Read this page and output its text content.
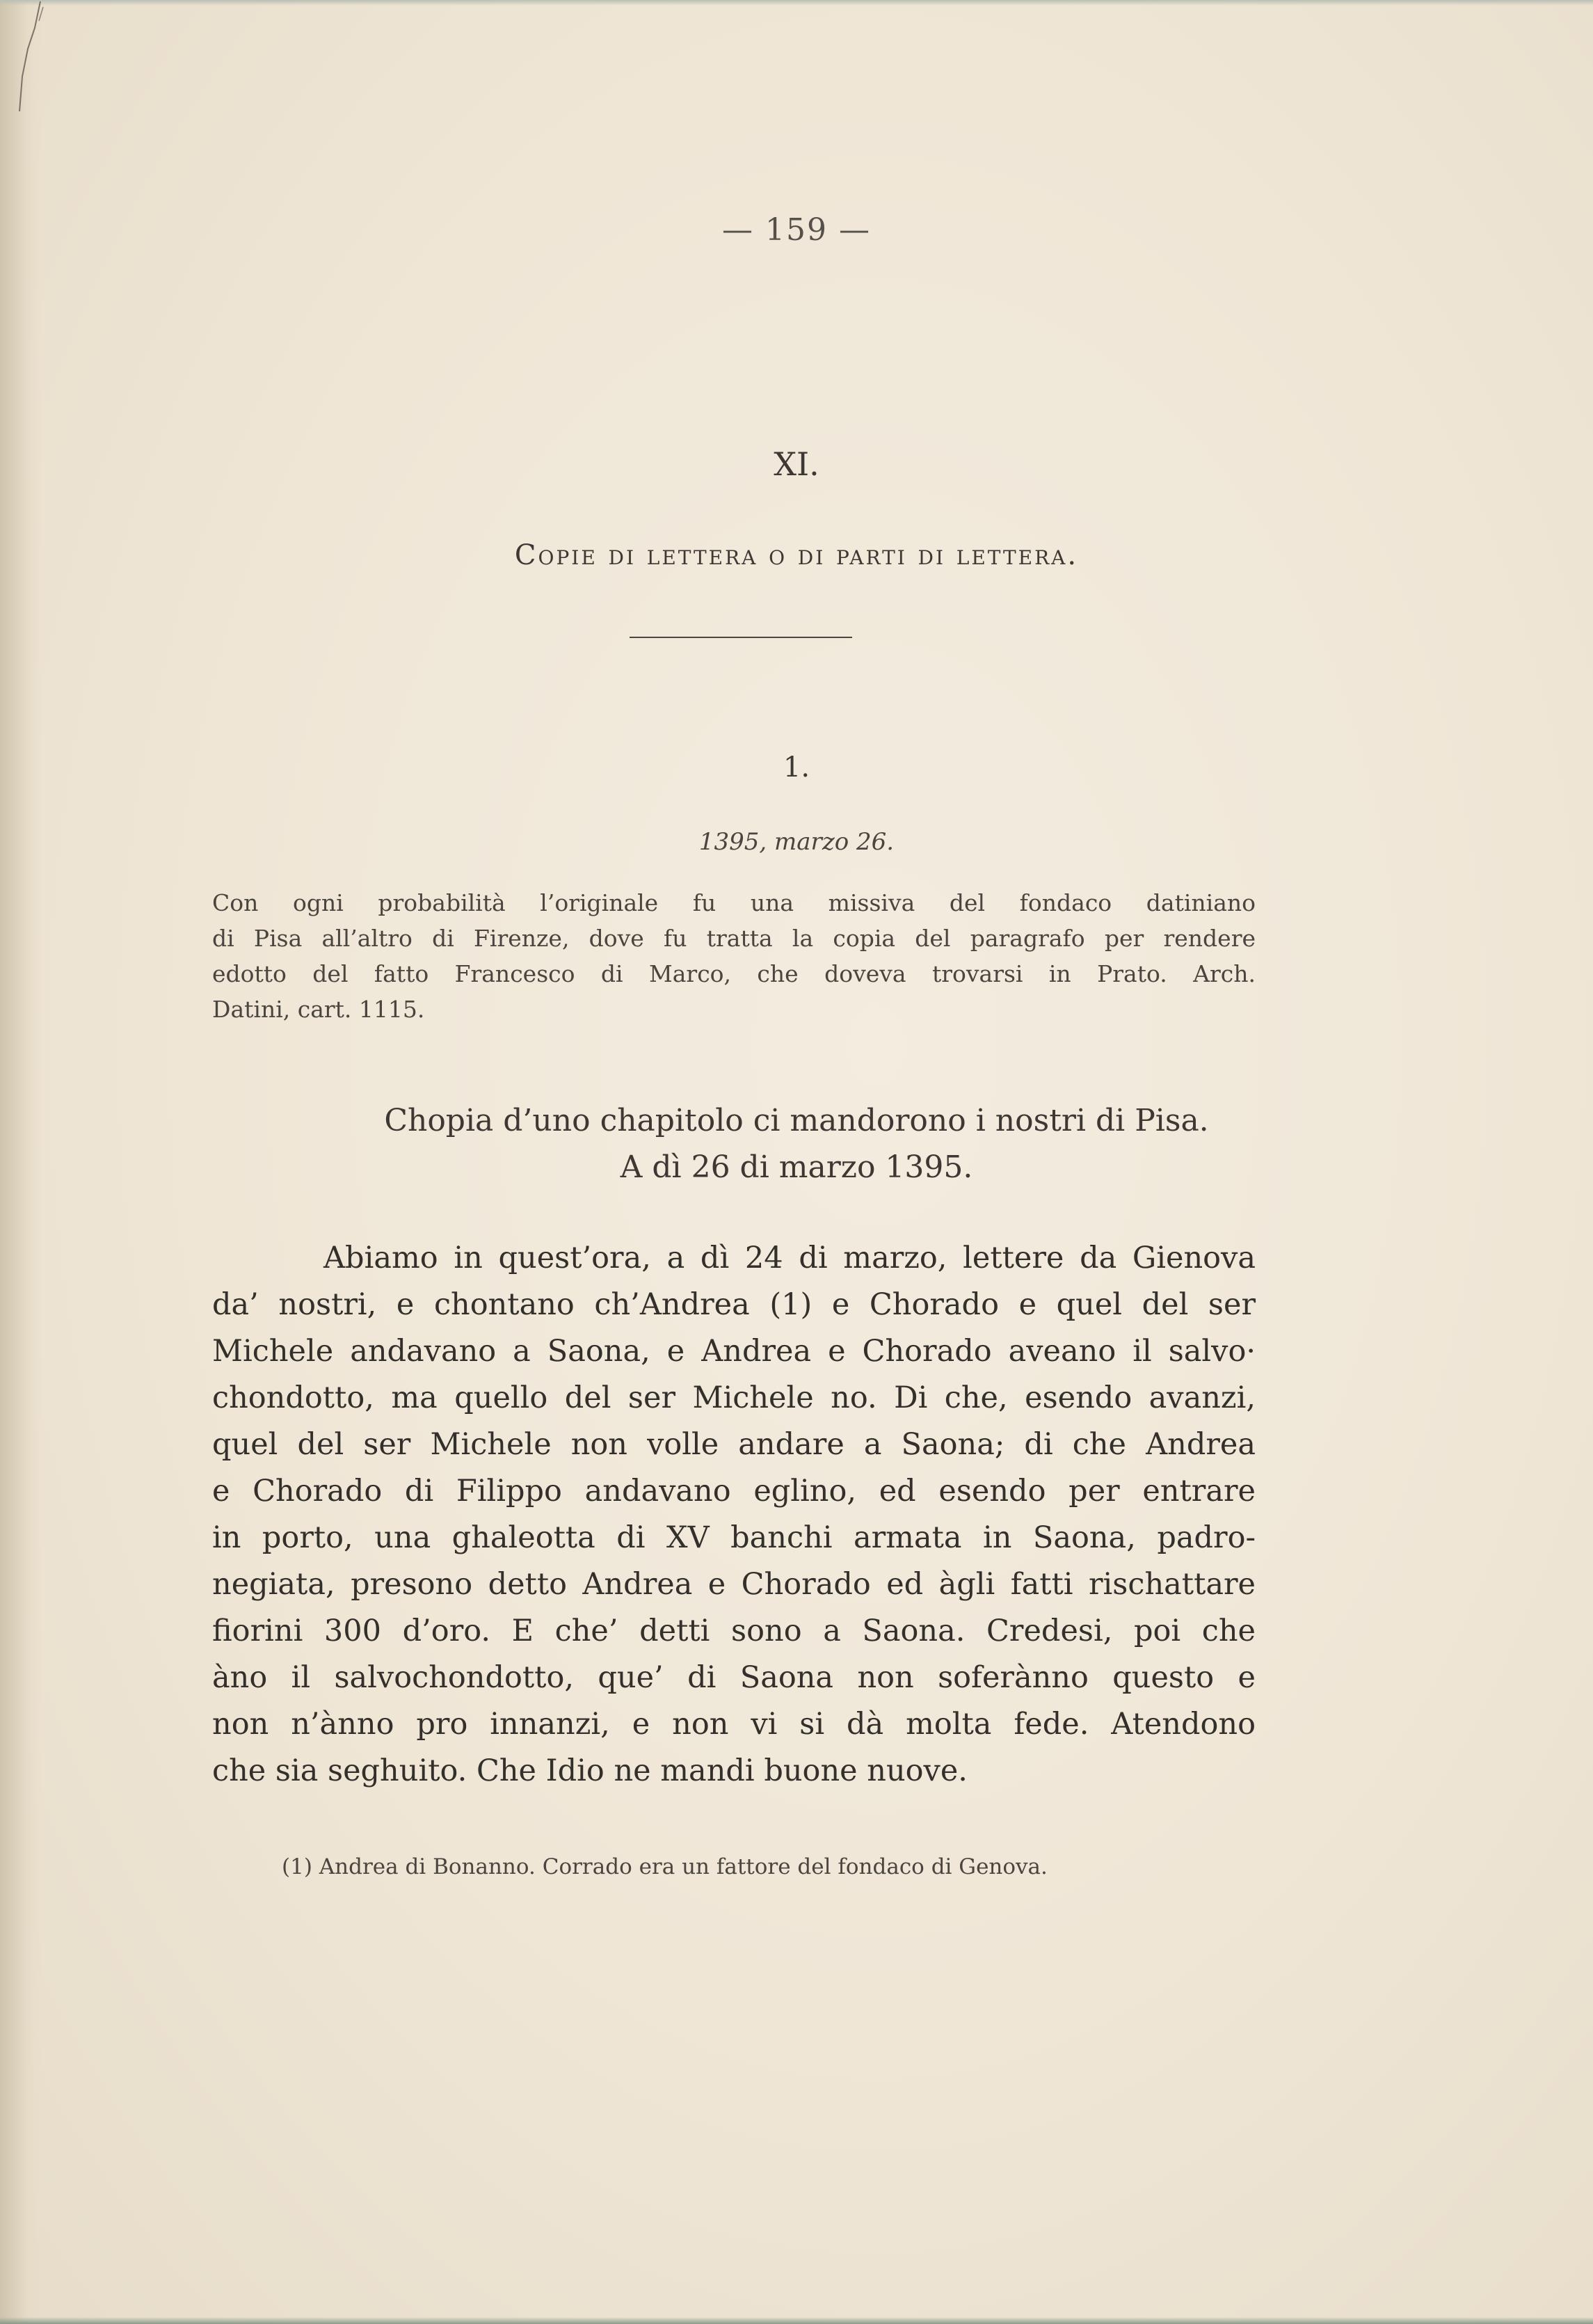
— 159 —
XI.
Copie di lettera o di parti di lettera.
1.
1395, marzo 26.
Con ogni probabilità l’originale fu una missiva del fondaco datiniano
di Pisa all’altro di Firenze, dove fu tratta la copia del paragrafo per rendere
edotto del fatto Francesco di Marco, che doveva trovarsi in Prato. Arch.
Datini, cart. 1115.
Chopia d’uno chapitolo ci mandorono i nostri di Pisa.
A dì 26 di marzo 1395.
Abiamo in quest’ora, a dì 24 di marzo, lettere da Gienova
da’ nostri, e chontano ch’Andrea (1) e Chorado e quel del ser
Michele andavano a Saona, e Andrea e Chorado aveano il salvo·
chondotto, ma quello del ser Michele no. Di che, esendo avanzi,
quel del ser Michele non volle andare a Saona; di che Andrea
e Chorado di Filippo andavano eglino, ed esendo per entrare
in porto, una ghaleotta di XV banchi armata in Saona, padro-
negiata, presono detto Andrea e Chorado ed àgli fatti rischattare
fiorini 300 d’oro. E che’ detti sono a Saona. Credesi, poi che
àno il salvochondotto, que’ di Saona non soferànno questo e
non n’ànno pro innanzi, e non vi si dà molta fede. Atendono
che sia seghuito. Che Idio ne mandi buone nuove.
(1) Andrea di Bonanno. Corrado era un fattore del fondaco di Genova.
